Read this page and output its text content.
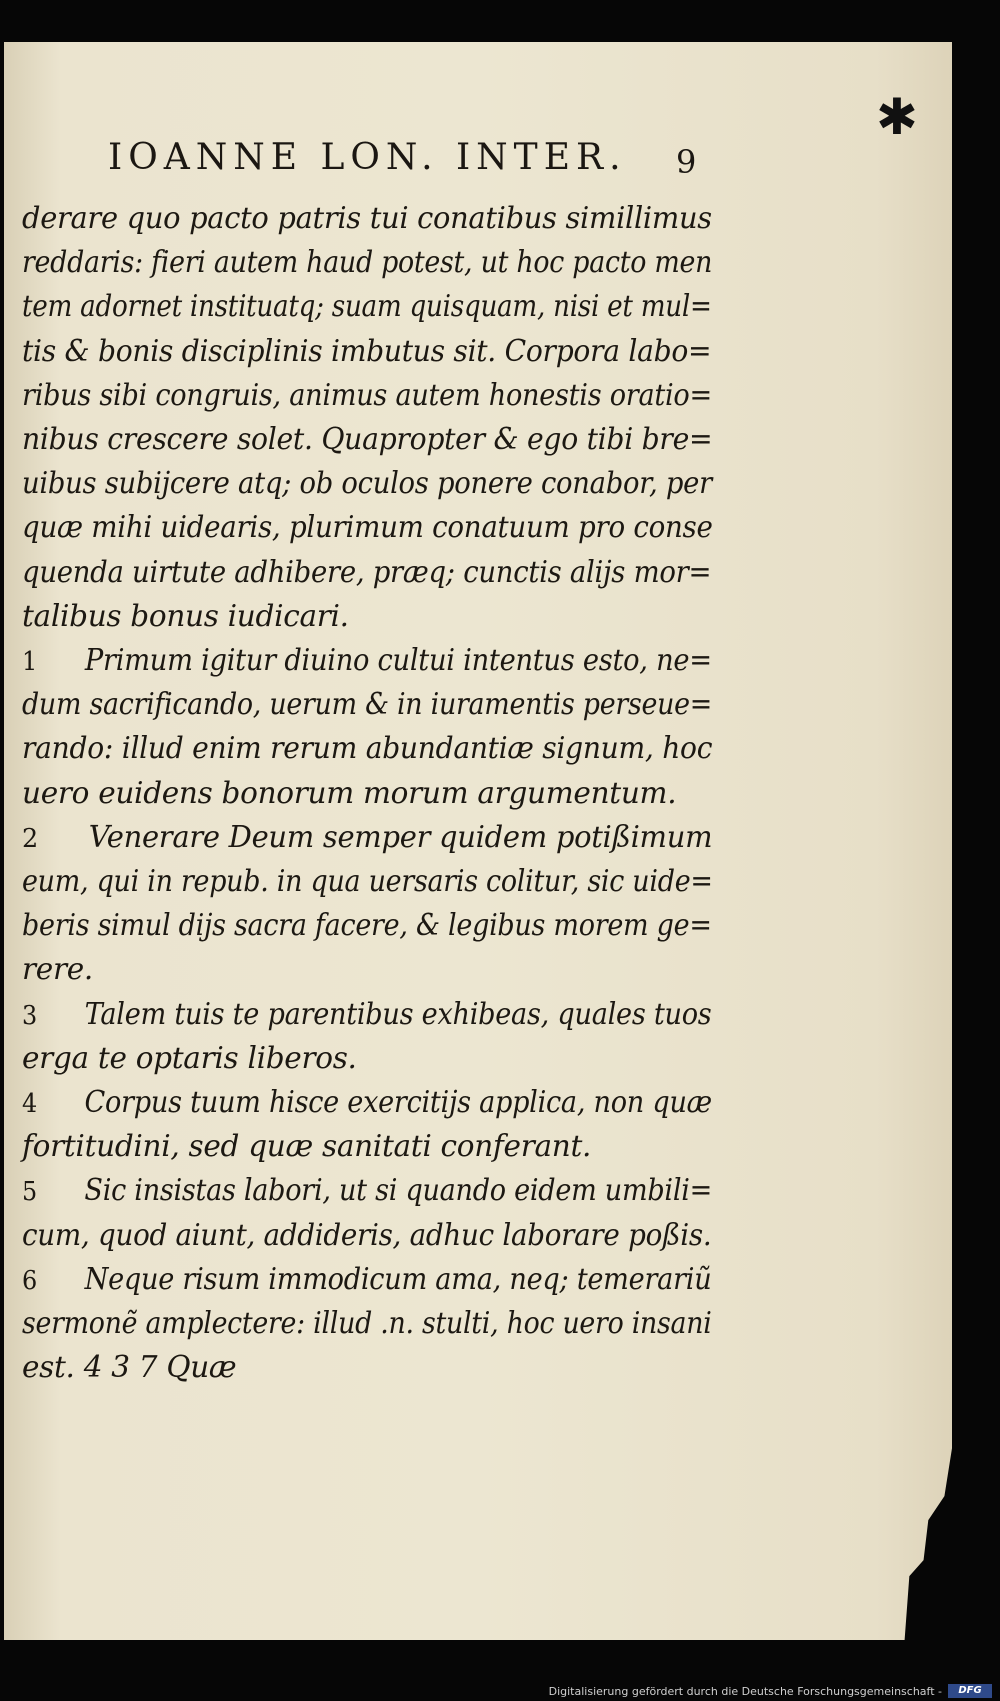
✱
IOANNE LON. INTER. 9
derare quo pacto patris tui conatibus simillimus
reddaris: fieri autem haud potest, ut hoc pacto men
tem adornet instituatq; suam quisquam, nisi et mul=
tis & bonis disciplinis imbutus sit. Corpora labo=
ribus sibi congruis, animus autem honestis oratio=
nibus crescere solet. Quapropter & ego tibi bre=
uibus subijcere atq; ob oculos ponere conabor, per
quæ mihi uidearis, plurimum conatuum pro conse
quenda uirtute adhibere, præq; cunctis alijs mor=
talibus bonus iudicari.
1 Primum igitur diuino cultui intentus esto, ne=
dum sacrificando, uerum & in iuramentis perseue=
rando: illud enim rerum abundantiæ signum, hoc
uero euidens bonorum morum argumentum.
2 Venerare Deum semper quidem potißimum
eum, qui in repub. in qua uersaris colitur, sic uide=
beris simul dijs sacra facere, & legibus morem ge=
rere.
3 Talem tuis te parentibus exhibeas, quales tuos
erga te optaris liberos.
4 Corpus tuum hisce exercitijs applica, non quæ
fortitudini, sed quæ sanitati conferant.
5 Sic insistas labori, ut si quando eidem umbili=
cum, quod aiunt, addideris, adhuc laborare poßis.
6 Neque risum immodicum ama, neq; temerariũ
sermonẽ amplectere: illud .n. stulti, hoc uero insani
est. 4 3 7 Quæ
Digitalisierung gefördert durch die Deutsche Forschungsgemeinschaft -	DFG
